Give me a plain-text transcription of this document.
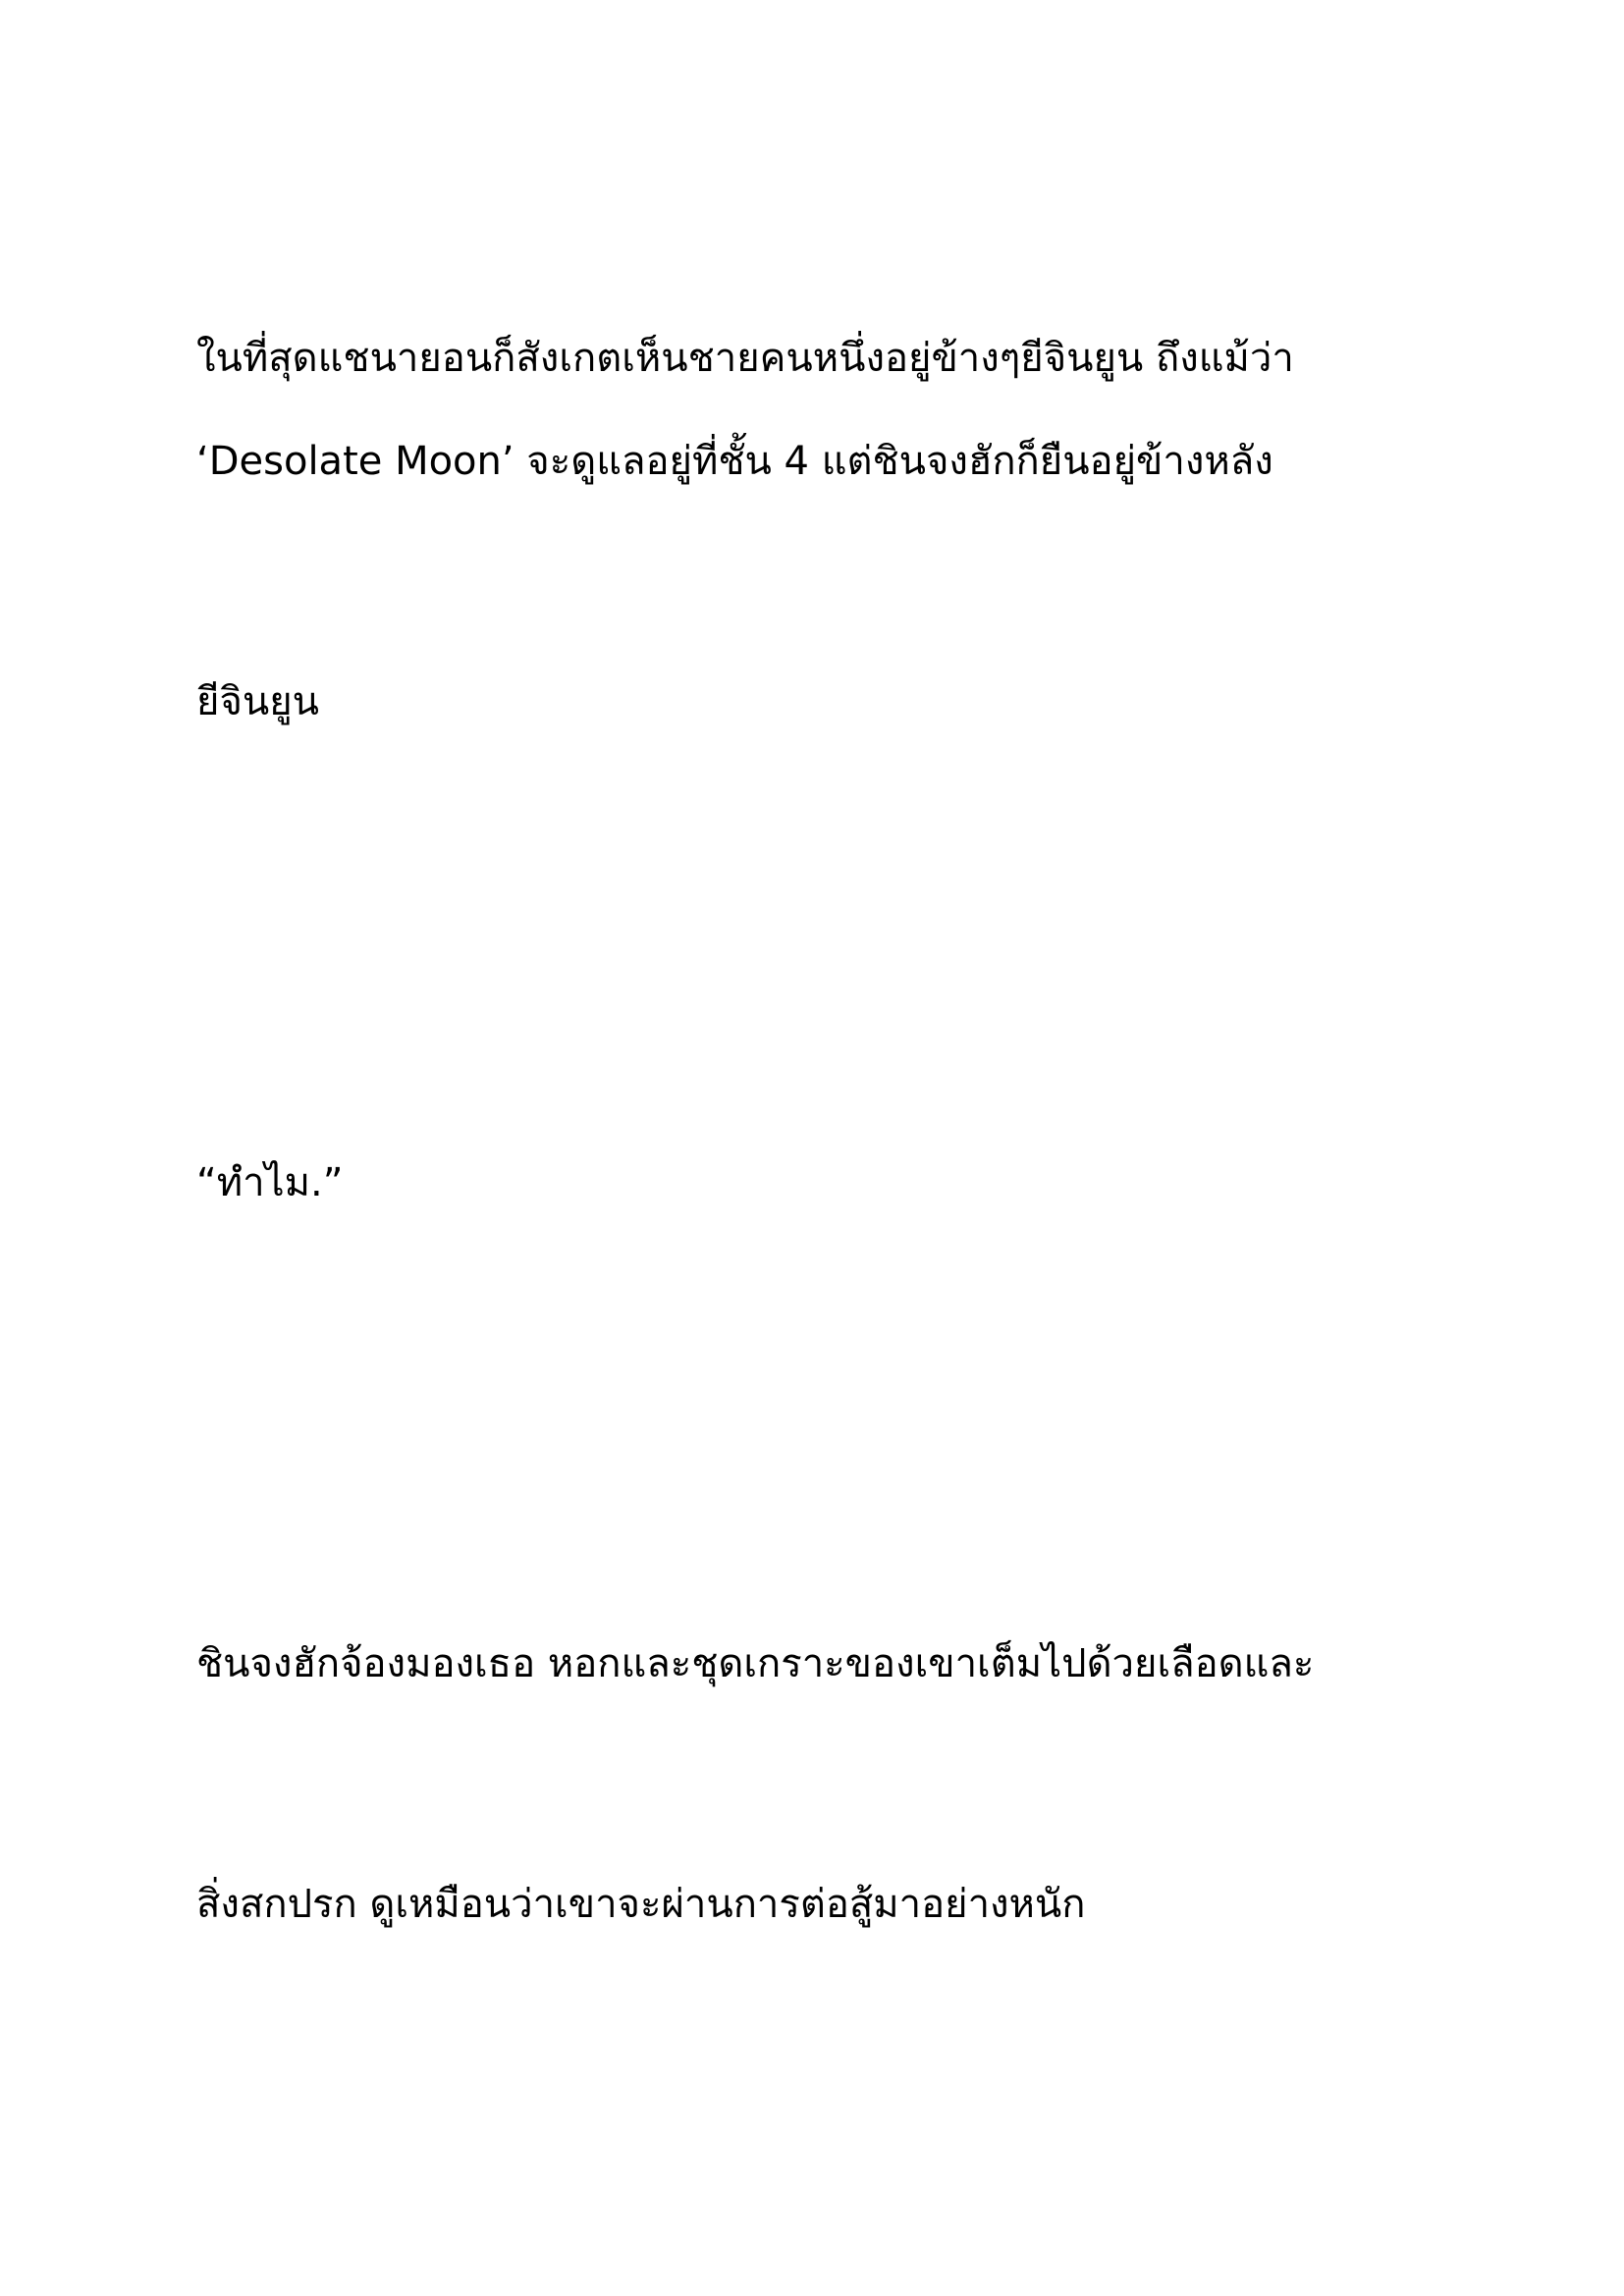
ในที่สุดแชนายอนก็สังเกตเห็นชายคนหนึ่งอยู่ข้างๆยีจินยูน ถึงแม้ว่า

‘Desolate Moon’ จะดูแลอยู่ที่ชั้น 4 แต่ชินจงฮักก็ยืนอยู่ข้างหลัง

ยีจินยูน

“ทำไม.”

ชินจงฮักจ้องมองเธอ หอกและชุดเกราะของเขาเต็มไปด้วยเลือดและ

สิ่งสกปรก ดูเหมือนว่าเขาจะผ่านการต่อสู้มาอย่างหนัก
